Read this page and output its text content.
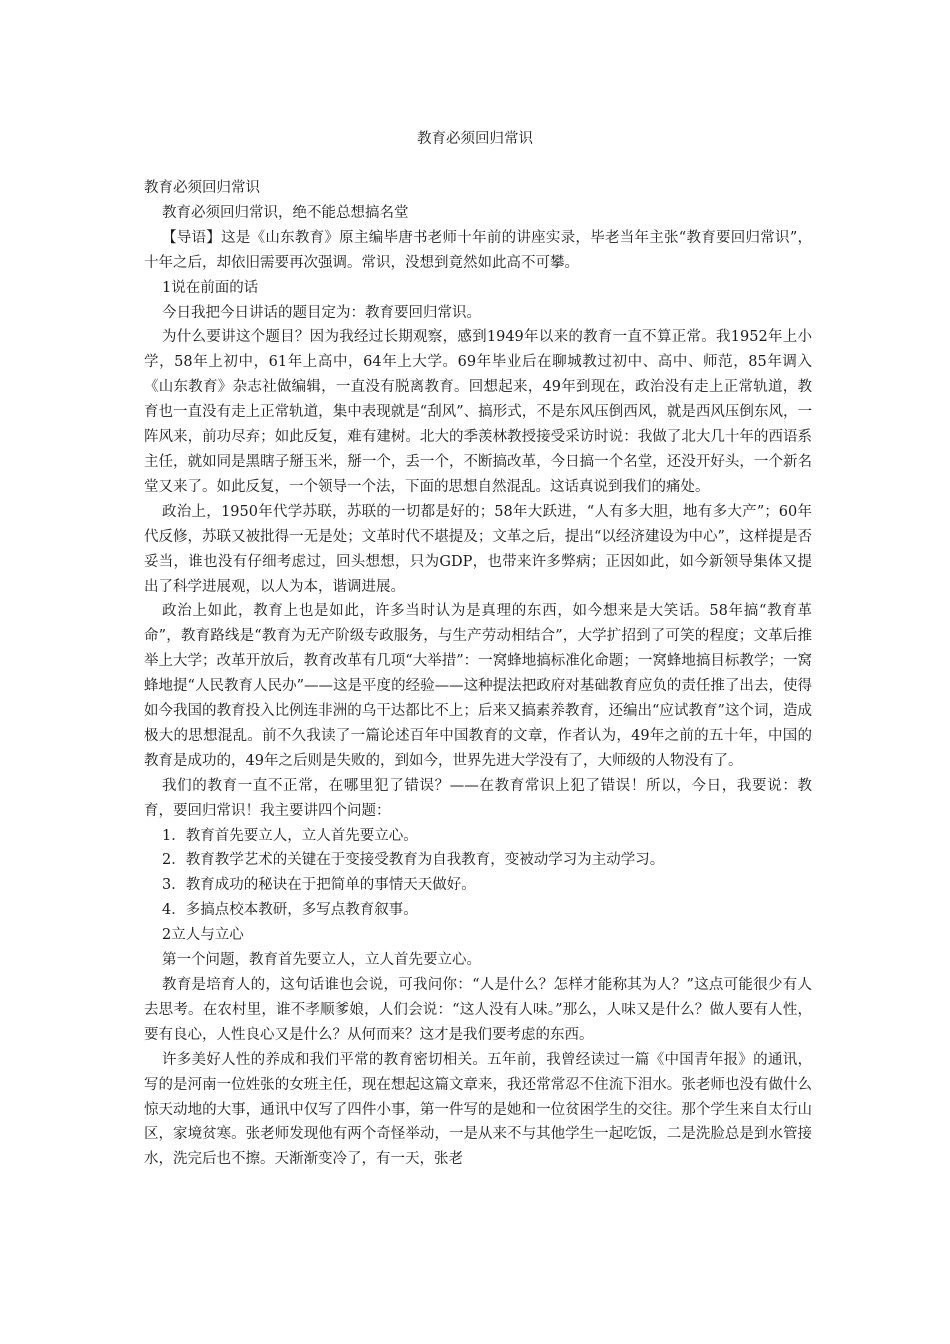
教育必须回归常识

教育必须回归常识

教育必须回归常识，绝不能总想搞名堂

【导语】这是《山东教育》原主编毕唐书老师十年前的讲座实录，毕老当年主张“教育要回归常识”，十年之后，却依旧需要再次强调。常识，没想到竟然如此高不可攀。

1说在前面的话

今日我把今日讲话的题目定为：教育要回归常识。

为什么要讲这个题目？因为我经过长期观察，感到1949年以来的教育一直不算正常。我1952年上小学，58年上初中，61年上高中，64年上大学。69年毕业后在聊城教过初中、高中、师范，85年调入《山东教育》杂志社做编辑，一直没有脱离教育。回想起来，49年到现在，政治没有走上正常轨道，教育也一直没有走上正常轨道，集中表现就是“刮风”、搞形式，不是东风压倒西风，就是西风压倒东风，一阵风来，前功尽弃；如此反复，难有建树。北大的季羡林教授接受采访时说：我做了北大几十年的西语系主任，就如同是黑瞎子掰玉米，掰一个，丢一个，不断搞改革，今日搞一个名堂，还没开好头，一个新名堂又来了。如此反复，一个领导一个法，下面的思想自然混乱。这话真说到我们的痛处。

政治上，1950年代学苏联，苏联的一切都是好的；58年大跃进，“人有多大胆，地有多大产”；60年代反修，苏联又被批得一无是处；文革时代不堪提及；文革之后，提出“以经济建设为中心”，这样提是否妥当，谁也没有仔细考虑过，回头想想，只为GDP，也带来许多弊病；正因如此，如今新领导集体又提出了科学进展观，以人为本，谐调进展。

政治上如此，教育上也是如此，许多当时认为是真理的东西，如今想来是大笑话。58年搞“教育革命”，教育路线是“教育为无产阶级专政服务，与生产劳动相结合”，大学扩招到了可笑的程度；文革后推举上大学；改革开放后，教育改革有几项“大举措”：一窝蜂地搞标准化命题；一窝蜂地搞目标教学；一窝蜂地提“人民教育人民办”——这是平度的经验——这种提法把政府对基础教育应负的责任推了出去，使得如今我国的教育投入比例连非洲的乌干达都比不上；后来又搞素养教育，还编出“应试教育”这个词，造成极大的思想混乱。前不久我读了一篇论述百年中国教育的文章，作者认为，49年之前的五十年，中国的教育是成功的，49年之后则是失败的，到如今，世界先进大学没有了，大师级的人物没有了。

我们的教育一直不正常，在哪里犯了错误？——在教育常识上犯了错误！所以，今日，我要说：教育，要回归常识！我主要讲四个问题：

1．教育首先要立人，立人首先要立心。

2．教育教学艺术的关键在于变接受教育为自我教育，变被动学习为主动学习。

3．教育成功的秘诀在于把简单的事情天天做好。

4．多搞点校本教研，多写点教育叙事。

2立人与立心

第一个问题，教育首先要立人，立人首先要立心。

教育是培育人的，这句话谁也会说，可我问你：“人是什么？怎样才能称其为人？”这点可能很少有人去思考。在农村里，谁不孝顺爹娘，人们会说：“这人没有人味。”那么，人味又是什么？做人要有人性，要有良心，人性良心又是什么？从何而来？这才是我们要考虑的东西。

许多美好人性的养成和我们平常的教育密切相关。五年前，我曾经读过一篇《中国青年报》的通讯，写的是河南一位姓张的女班主任，现在想起这篇文章来，我还常常忍不住流下泪水。张老师也没有做什么惊天动地的大事，通讯中仅写了四件小事，第一件写的是她和一位贫困学生的交往。那个学生来自太行山区，家境贫寒。张老师发现他有两个奇怪举动，一是从来不与其他学生一起吃饭，二是洗脸总是到水管接水，洗完后也不擦。天渐渐变冷了，有一天，张老
